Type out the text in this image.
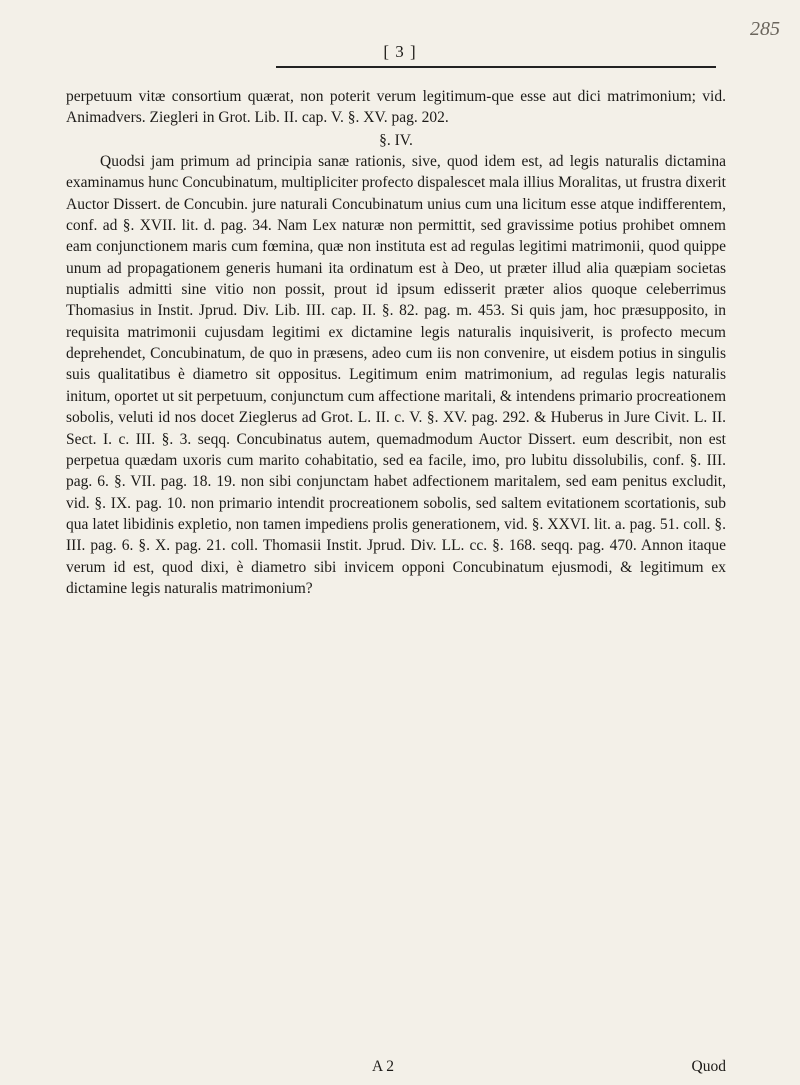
285
[ 3 ]

perpetuum vitæ consortium quærat, non poterit verum legitimum-que esse aut dici matrimonium; vid. Animadvers. Ziegleri in Grot. Lib. II. cap. V. §. XV. pag. 202.

§. IV.

Quodsi jam primum ad principia sanæ rationis, sive, quod idem est, ad legis naturalis dictamina examinamus hunc Concubinatum, multipliciter profecto dispalescet mala illius Moralitas, ut frustra dixerit Auctor Dissert. de Concubin. jure naturali Concubinatum unius cum una licitum esse atque indifferentem, conf. ad §. XVII. lit. d. pag. 34. Nam Lex naturæ non permittit, sed gravissime potius prohibet omnem eam conjunctionem maris cum fœmina, quæ non instituta est ad regulas legitimi matrimonii, quod quippe unum ad propagationem generis humani ita ordinatum est à Deo, ut præter illud alia quæpiam societas nuptialis admitti sine vitio non possit, prout id ipsum edisserit præter alios quoque celeberrimus Thomasius in Instit. Jprud. Div. Lib. III. cap. II. §. 82. pag. m. 453. Si quis jam, hoc præsupposito, in requisita matrimonii cujusdam legitimi ex dictamine legis naturalis inquisiverit, is profecto mecum deprehendet, Concubinatum, de quo in præsens, adeo cum iis non convenire, ut eisdem potius in singulis suis qualitatibus è diametro sit oppositus. Legitimum enim matrimonium, ad regulas legis naturalis initum, oportet ut sit perpetuum, conjunctum cum affectione maritali, & intendens primario procreationem sobolis, veluti id nos docet Zieglerus ad Grot. L. II. c. V. §. XV. pag. 292. & Huberus in Jure Civit. L. II. Sect. I. c. III. §. 3. seqq. Concubinatus autem, quemadmodum Auctor Dissert. eum describit, non est perpetua quædam uxoris cum marito cohabitatio, sed ea facile, imo, pro lubitu dissolubilis, conf. §. III. pag. 6. §. VII. pag. 18. 19. non sibi conjunctam habet adfectionem maritalem, sed eam penitus excludit, vid. §. IX. pag. 10. non primario intendit procreationem sobolis, sed saltem evitationem scortationis, sub qua latet libidinis expletio, non tamen impediens prolis generationem, vid. §. XXVI. lit. a. pag. 51. coll. §. III. pag. 6. §. X. pag. 21. coll. Thomasii Instit. Jprud. Div. LL. cc. §. 168. seqq. pag. 470. Annon itaque verum id est, quod dixi, è diametro sibi invicem opponi Concubinatum ejusmodi, & legitimum ex dictamine legis naturalis matrimonium?

A 2	Quod
